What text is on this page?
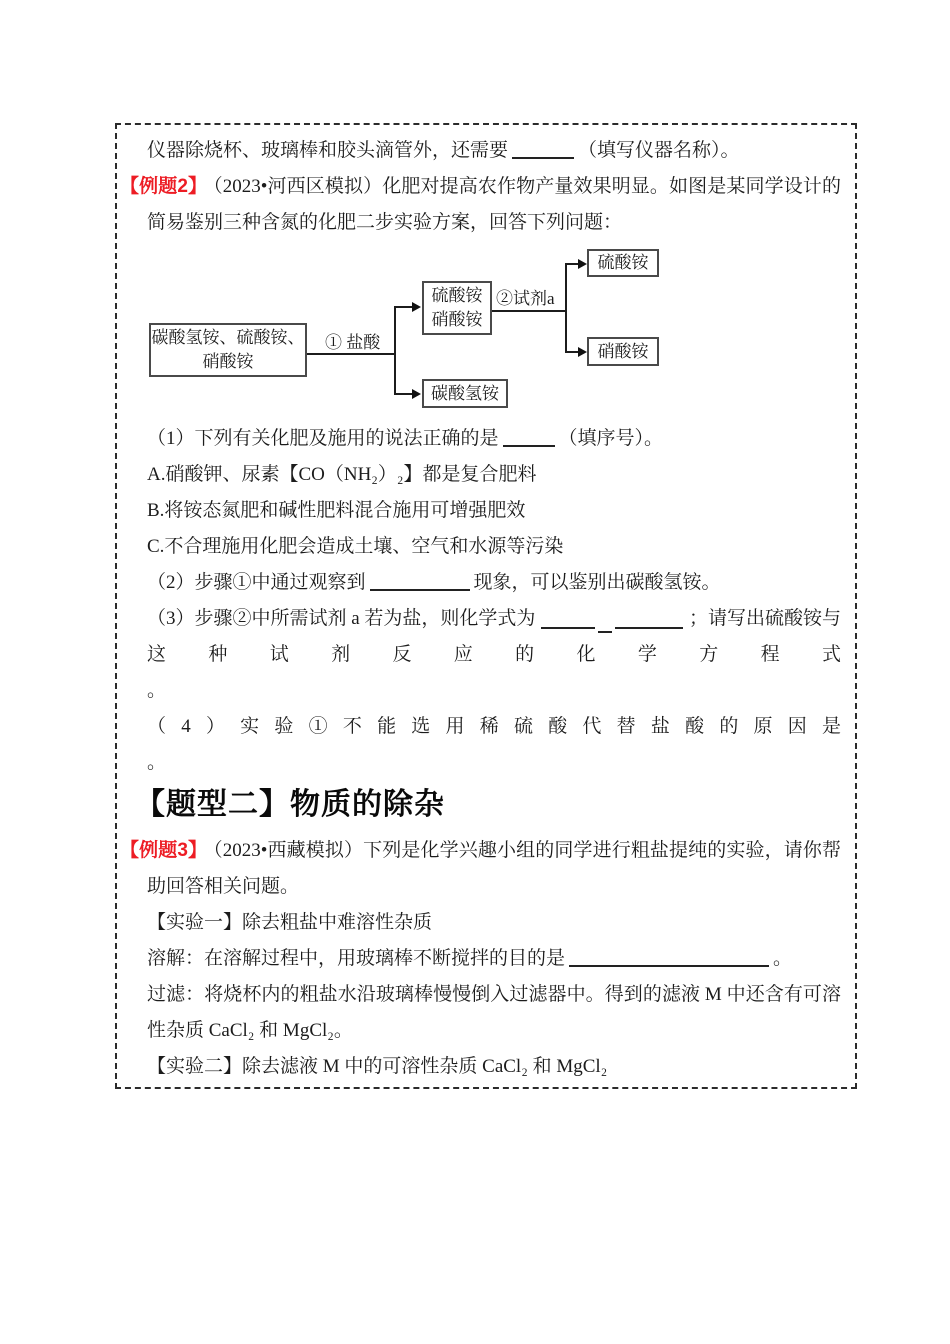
仪器除烧杯、玻璃棒和胶头滴管外，还需要	（填写仪器名称）。
【例题2】 （2023•河西区模拟）化肥对提高农作物产量效果明显。如图是某同学设计的简易鉴别三种含氮的化肥二步实验方案，回答下列问题：
碳酸氢铵、硫酸铵、
硝酸铵
① 盐酸
硫酸铵
硝酸铵
②试剂a
硫酸铵
硝酸铵
碳酸氢铵
（1）下列有关化肥及施用的说法正确的是	（填序号）。
A.硝酸钾、尿素【CO（NH₂）₂】都是复合肥料
B.将铵态氮肥和碱性肥料混合施用可增强肥效
C.不合理施用化肥会造成土壤、空气和水源等污染
（2）步骤①中通过观察到	现象，可以鉴别出碳酸氢铵。
（3）步骤②中所需试剂 a 若为盐，则化学式为	；请写出硫酸铵与
这种试剂反应的化学方程式
。
（4）实验①不能选用稀硫酸代替盐酸的原因是
。
【题型二】物质的除杂
【例题3】 （2023•西藏模拟）下列是化学兴趣小组的同学进行粗盐提纯的实验，请你帮助回答相关问题。
【实验一】除去粗盐中难溶性杂质
溶解：在溶解过程中，用玻璃棒不断搅拌的目的是	。
过滤：将烧杯内的粗盐水沿玻璃棒慢慢倒入过滤器中。得到的滤液 M 中还含有可溶性杂质 CaCl₂ 和 MgCl₂。
【实验二】除去滤液 M 中的可溶性杂质 CaCl₂ 和 MgCl₂
